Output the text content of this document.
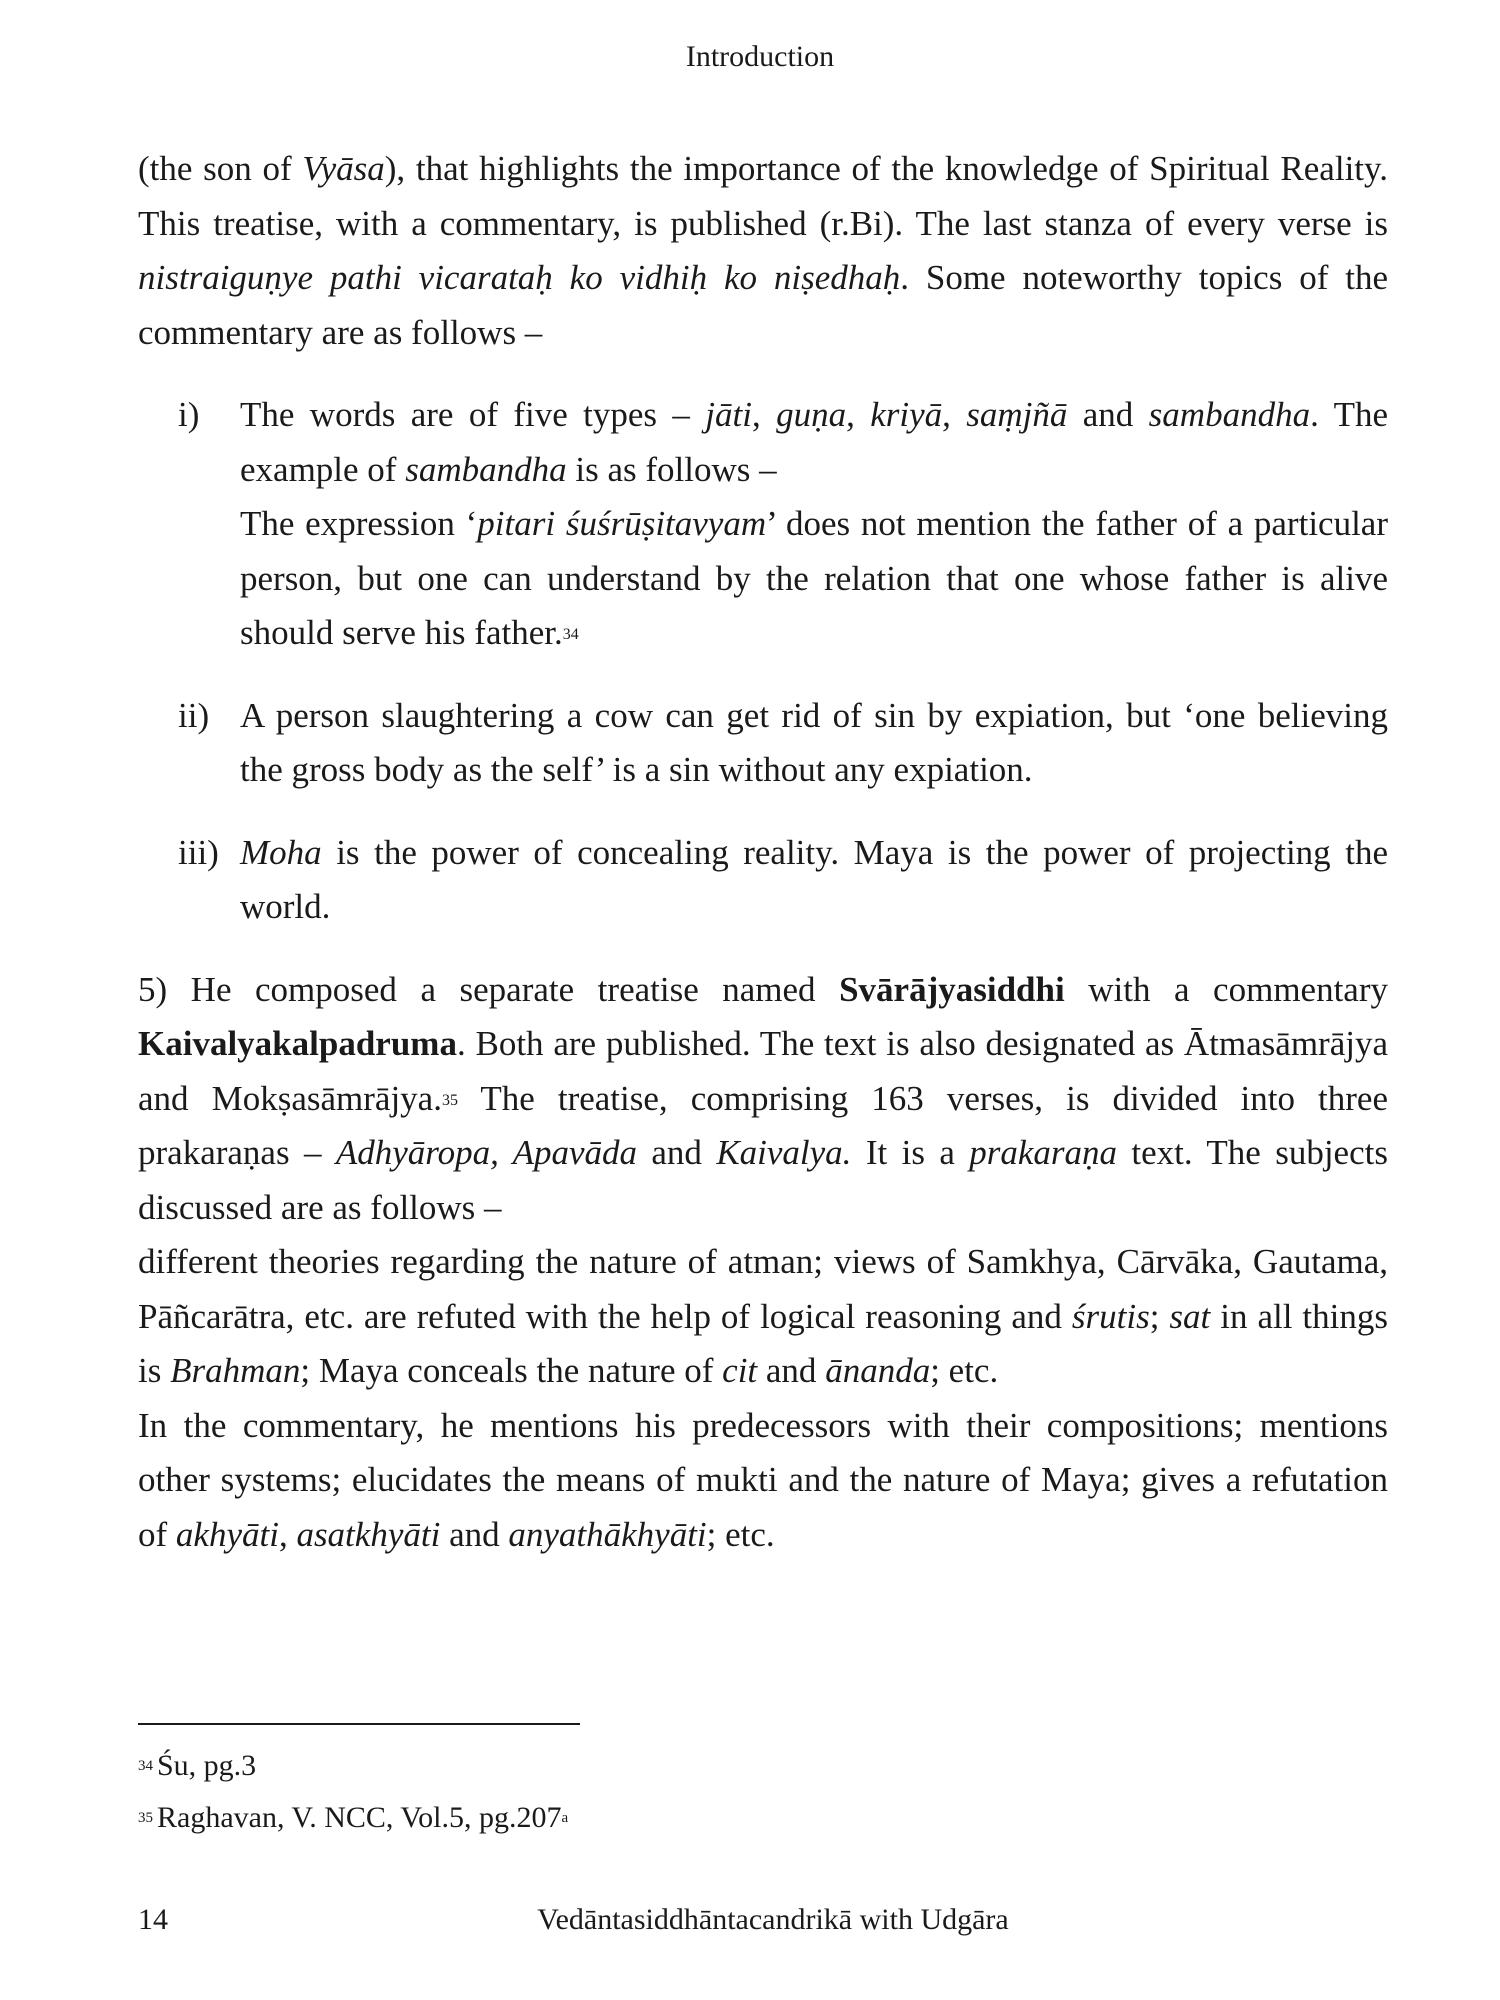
Introduction

(the son of Vyāsa), that highlights the importance of the knowledge of Spiritual Reality. This treatise, with a commentary, is published (r.Bi). The last stanza of every verse is nistraiguṇye pathi vicarataḥ ko vidhiḥ ko niṣedhaḥ. Some noteworthy topics of the commentary are as follows –

i) The words are of five types – jāti, guṇa, kriyā, saṃjñā and sambandha. The example of sambandha is as follows –

The expression ‘pitari śuśrūṣitavyam’ does not mention the father of a particular person, but one can understand by the relation that one whose father is alive should serve his father.$^{34}$

ii) A person slaughtering a cow can get rid of sin by expiation, but ‘one believing the gross body as the self’ is a sin without any expiation.

iii) Moha is the power of concealing reality. Maya is the power of projecting the world.

5) He composed a separate treatise named Svārājyasiddhi with a commentary Kaivalyakalpadruma. Both are published. The text is also designated as Ātmasāmrājya and Mokṣasāmrājya.$^{35}$ The treatise, comprising 163 verses, is divided into three prakaraṇas – Adhyāropa, Apavāda and Kaivalya. It is a prakaraṇa text. The subjects discussed are as follows –

different theories regarding the nature of atman; views of Samkhya, Cārvāka, Gautama, Pāñcarātra, etc. are refuted with the help of logical reasoning and śrutis; sat in all things is Brahman; Maya conceals the nature of cit and ānanda; etc.

In the commentary, he mentions his predecessors with their compositions; mentions other systems; elucidates the means of mukti and the nature of Maya; gives a refutation of akhyāti, asatkhyāti and anyathākhyāti; etc.

$^{34}$ Śu, pg.3
$^{35}$ Raghavan, V. NCC, Vol.5, pg.207$^a$
14	Vedāntasiddhāntacandrikā with Udgāra
